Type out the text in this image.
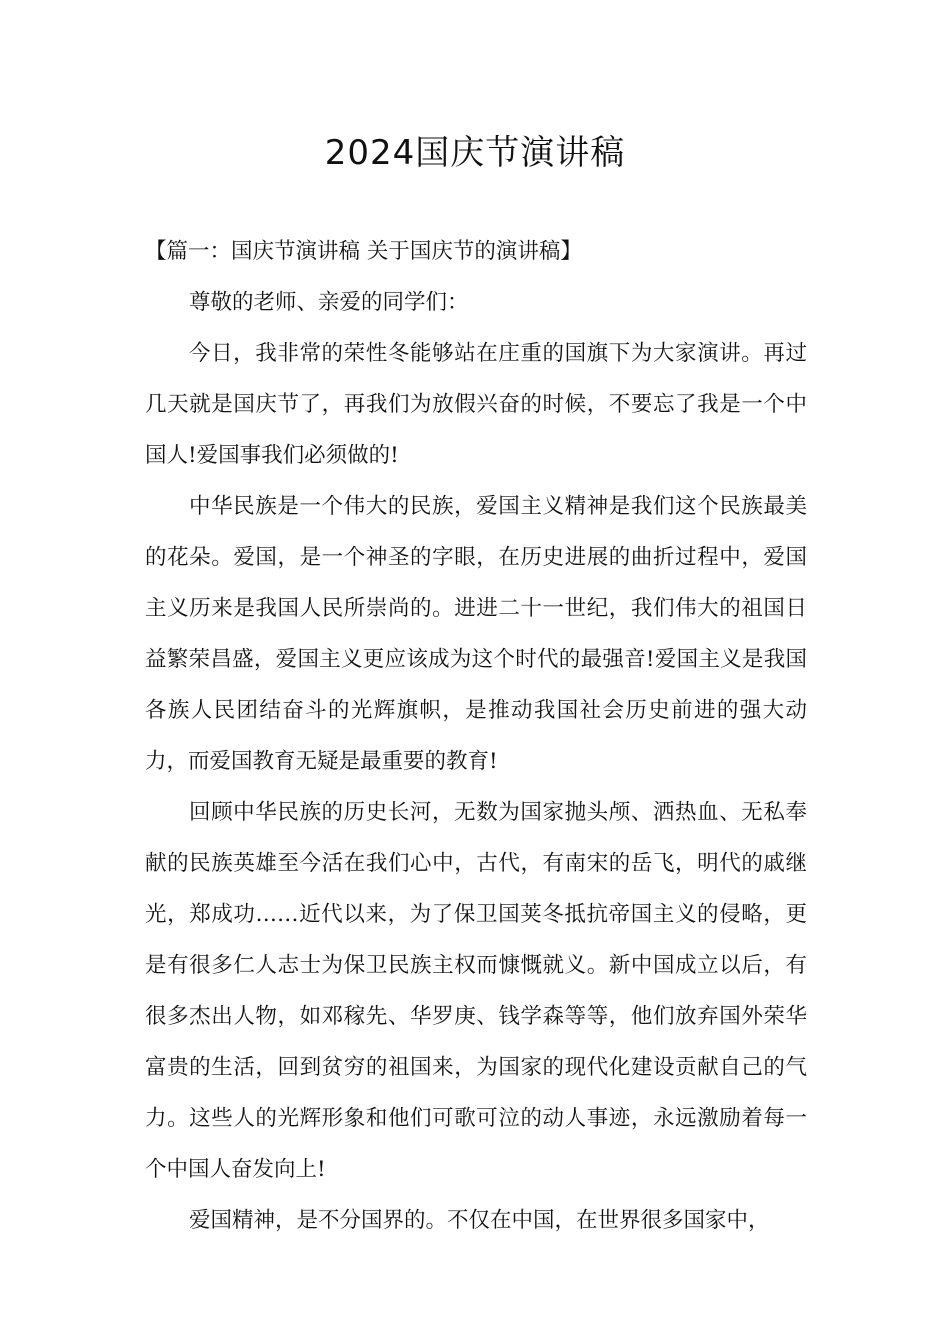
2024国庆节演讲稿

【篇一：国庆节演讲稿 关于国庆节的演讲稿】

尊敬的老师、亲爱的同学们：

今日，我非常的荣性冬能够站在庄重的国旗下为大家演讲。再过几天就是国庆节了，再我们为放假兴奋的时候，不要忘了我是一个中国人!爱国事我们必须做的!

中华民族是一个伟大的民族，爱国主义精神是我们这个民族最美的花朵。爱国，是一个神圣的字眼，在历史进展的曲折过程中，爱国主义历来是我国人民所崇尚的。进进二十一世纪，我们伟大的祖国日益繁荣昌盛，爱国主义更应该成为这个时代的最强音!爱国主义是我国各族人民团结奋斗的光辉旗帜，是推动我国社会历史前进的强大动力，而爱国教育无疑是最重要的教育!

回顾中华民族的历史长河，无数为国家抛头颅、洒热血、无私奉献的民族英雄至今活在我们心中，古代，有南宋的岳飞，明代的戚继光，郑成功……近代以来，为了保卫国荚冬抵抗帝国主义的侵略，更是有很多仁人志士为保卫民族主权而慷慨就义。新中国成立以后，有很多杰出人物，如邓稼先、华罗庚、钱学森等等，他们放弃国外荣华富贵的生活，回到贫穷的祖国来，为国家的现代化建设贡献自己的气力。这些人的光辉形象和他们可歌可泣的动人事迹，永远激励着每一个中国人奋发向上!

爱国精神，是不分国界的。不仅在中国，在世界很多国家中，
